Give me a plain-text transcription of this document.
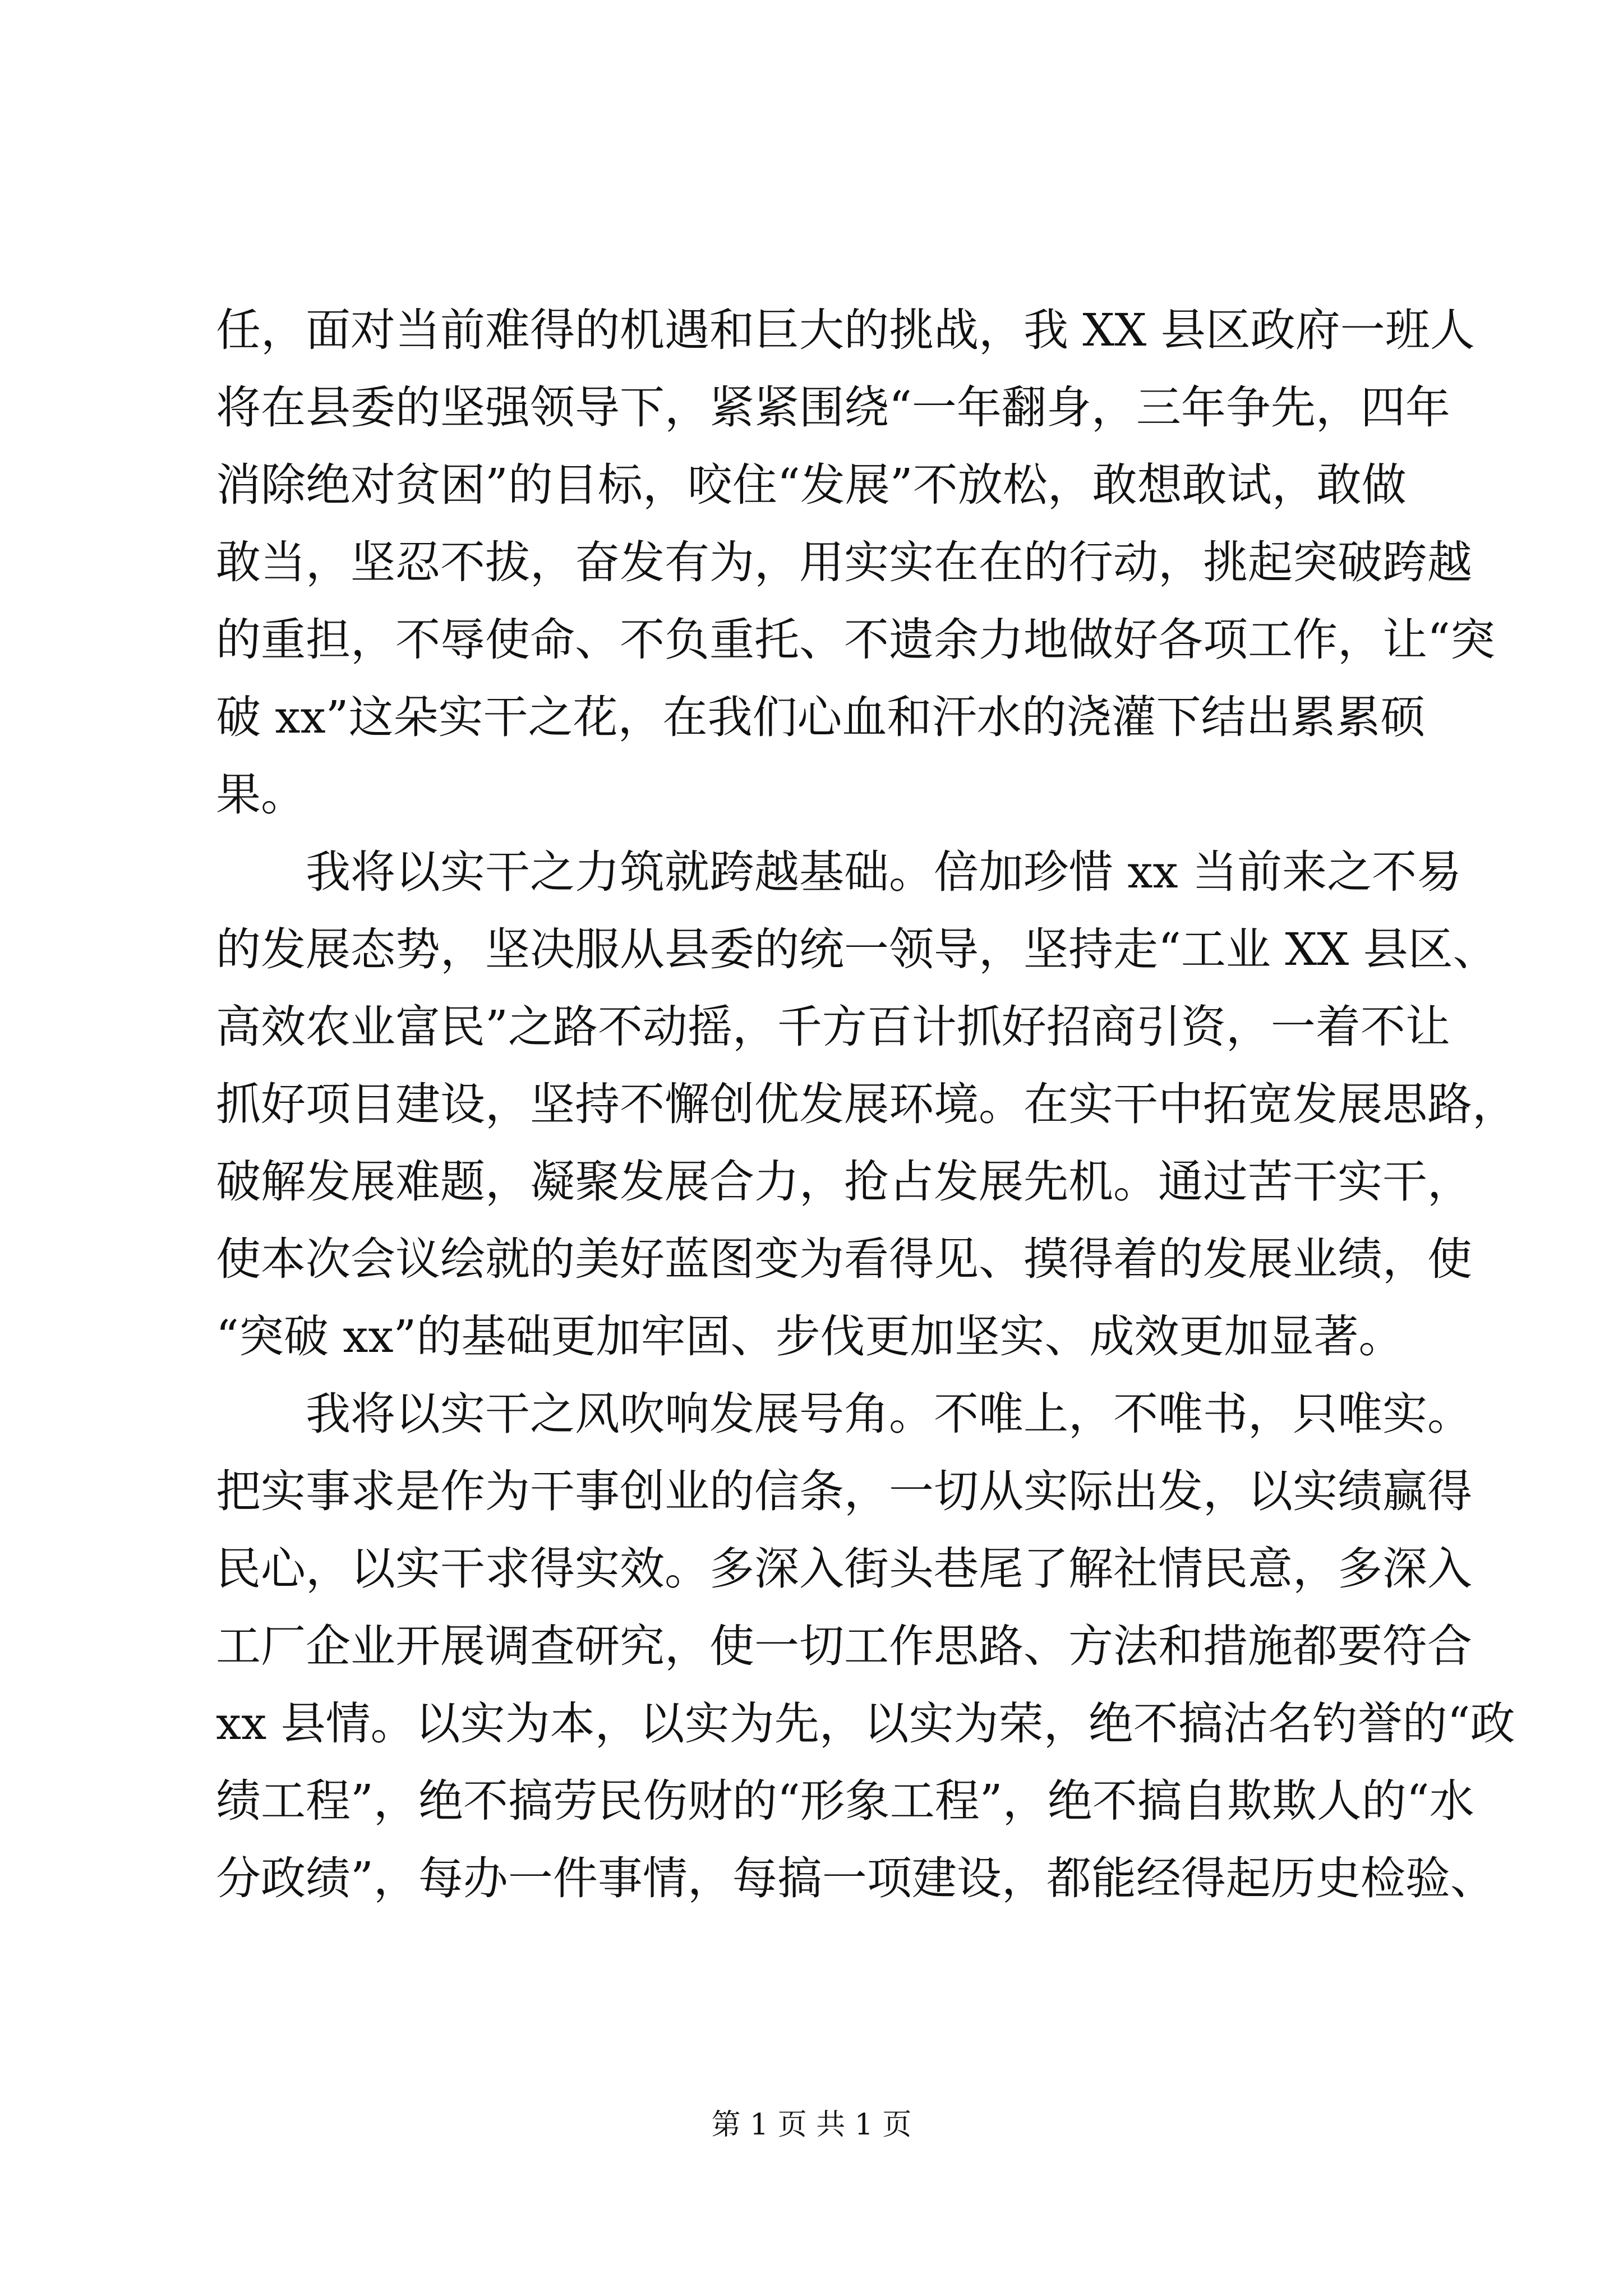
任，面对当前难得的机遇和巨大的挑战，我 XX 县区政府一班人
将在县委的坚强领导下，紧紧围绕“一年翻身，三年争先，四年
消除绝对贫困”的目标，咬住“发展”不放松，敢想敢试，敢做
敢当，坚忍不拔，奋发有为，用实实在在的行动，挑起突破跨越
的重担，不辱使命、不负重托、不遗余力地做好各项工作，让“突
破 xx”这朵实干之花，在我们心血和汗水的浇灌下结出累累硕
果。
　　我将以实干之力筑就跨越基础。倍加珍惜 xx 当前来之不易
的发展态势，坚决服从县委的统一领导，坚持走“工业 XX 县区、
高效农业富民”之路不动摇，千方百计抓好招商引资，一着不让
抓好项目建设，坚持不懈创优发展环境。在实干中拓宽发展思路，
破解发展难题，凝聚发展合力，抢占发展先机。通过苦干实干，
使本次会议绘就的美好蓝图变为看得见、摸得着的发展业绩，使
“突破 xx”的基础更加牢固、步伐更加坚实、成效更加显著。
　　我将以实干之风吹响发展号角。不唯上，不唯书，只唯实。
把实事求是作为干事创业的信条，一切从实际出发，以实绩赢得
民心，以实干求得实效。多深入街头巷尾了解社情民意，多深入
工厂企业开展调查研究，使一切工作思路、方法和措施都要符合
xx 县情。以实为本，以实为先，以实为荣，绝不搞沽名钓誉的“政
绩工程”，绝不搞劳民伤财的“形象工程”，绝不搞自欺欺人的“水
分政绩”，每办一件事情，每搞一项建设，都能经得起历史检验、
第 1 页 共 1 页
